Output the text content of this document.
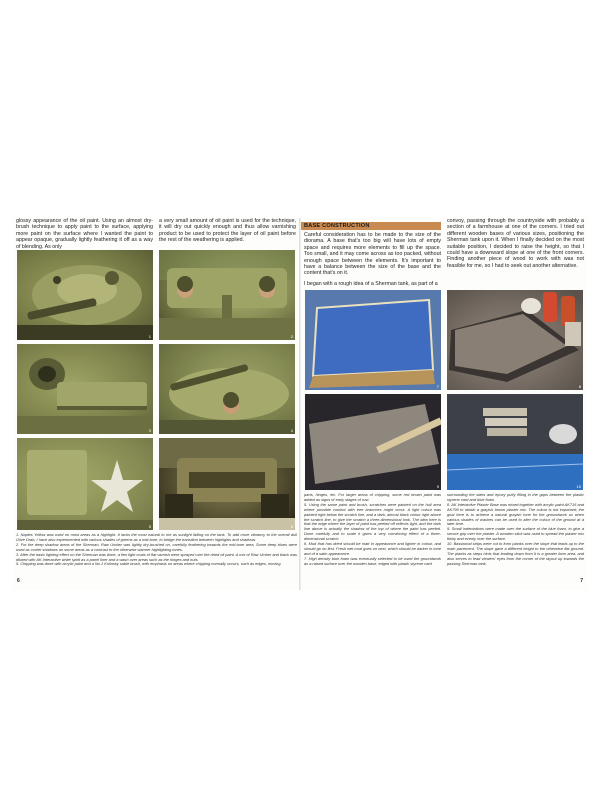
glossy appearance of the oil paint. Using an almost dry-brush technique to apply paint to the surface, applying more paint on the surface where I wanted the paint to appear opaque, gradually lightly feathering it off as a way of blending. As only
a very small amount of oil paint is used for the technique, it will dry out quickly enough and thus allow varnishing product to be used to protect the layer of oil paint before the rest of the weathering is applied.
1	2
3	4
5	6
1. Naples Yellow was used on most areas as a highlight. It lacks the most natural to me as sunlight falling on the tank. To add more vibrancy to the overall dull Olive Drab, I have also experimented with various shades of greens as a mid-tone, to bridge the transition between highlights and shadows.
2. For the deep shadow areas of the Sherman, Raw Umber was lightly dry-brushed on, carefully feathering towards the mid-tone area. Some deep blues were used as cooler shadows on some areas as a contrast to the otherwise warmer highlighting tones.
3. After the basic lighting effect on the Sherman was done, a few light coats of flat varnish were sprayed over the dried oil paint. A mix of Raw Umber and black was diluted with AK Interactive white spirit as a panel liner and a wash over areas such as the hinges and nuts.
5. Chipping was done with acrylic paint and a No.1 Kolinsky sable brush, with emphasis on areas where chipping normally occurs, such as edges, moving
6
BASE CONSTRUCTION

Careful consideration has to be made to the size of the diorama. A base that's too big will have lots of empty space and requires more elements to fill up the space. Too small, and it may come across as too packed, without enough space between the elements. It's important to have a balance between the size of the base and the content that's on it.

I began with a rough idea of a Sherman tank, as part of a

convoy, passing through the countryside with probably a section of a farmhouse at one of the corners. I tried out different wooden bases of various sizes, positioning the Sherman tank upon it. When I finally decided on the most suitable position, I decided to raise the height, so that I could have a downward slope at one of the front corners. Finding another piece of wood to work with was not feasible for me, so I had to seek out another alternative.
7	8
9	10
parts, hinges, etc. For larger areas of chipping, some red brown paint was added as signs of early stages of rust.
5. Using the same paint and brush, scratches were painted on the hull area where possible contact with tree branches might occur. A light colour was painted right below the scratch line, and a dark, almost black colour right above the scratch line, to give the scratch a three-dimensional look. The idea here is that the edge where the layer of paint has peeled off reflects light, and the dark line above is actually the shadow of the top of where the paint has peeled. Done carefully and to scale it gives a very convincing effect of a three-dimensional scratch.
6. Mud that has dried should be matt in appearance and lighter in colour, and should go on first. Fresh wet mud goes on next, which should be darker in tone and of a satin appearance.
7. High density blue foam was eventually selected to be used the groundwork as a raised surface over the wooden base, edged with plastic styrene card
surrounding the sides and epoxy putty filling in the gaps between the plastic styrene card and blue foam.
8. AK Interactive Plaster Base was mixed together with acrylic paint AK716 and AK799 to obtain a grayish brown plaster mix. The colour is not important; the goal here is to achieve a natural grayish tone for the groundwork so when various shades of washes can be used to alter the colour of the ground at a later time.
9. Small indentations were made over the surface of the blue foam, to give a secure grip over the plaster. A wooden stick was used to spread the plaster mix thinly and evenly over the surface.
10. Basswood strips were cut to form planks over the slope that leads up to the main pavement. The slope gave a different height to the otherwise flat ground. The planks as steps hints that leading down from it is a greater farm area, and also serves to lead viewers' eyes from the corner of the layout up towards the passing Sherman tank.
7
